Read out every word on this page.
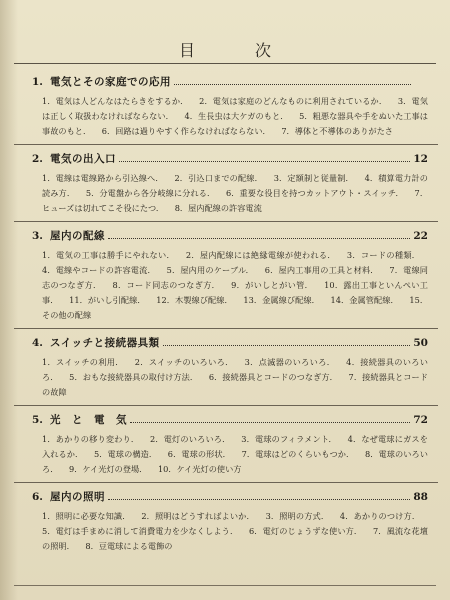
目　次
1. 電気とその家庭での応用
1．電気は人どんなはたらきをするか． 2．電気は家庭のどんなものに利用されているか． 3．電気は正しく取扱わなければならない． 4．生長虫は大ケガのもと． 5．粗悪な器具や手をぬいた工事は事故のもと． 6．回路は過りやすく作らなければならない． 7．導体と不導体のありがたさ
2. 電気の出入口	12
1．電線は電線路から引込線へ． 2．引込口までの配線． 3．定額制と従量制． 4．積算電力計の読み方． 5．分電盤から各分岐線に分れる． 6．重要な役目を持つカットアウト・スイッチ． 7．ヒューズは切れてこそ役にたつ． 8．屋内配線の許容電流
3. 屋内の配線	22
1．電気の工事は勝手にやれない． 2．屋内配線には絶縁電線が使われる． 3．コードの種類． 4．電線やコードの許容電流． 5．屋内用のケーブル． 6．屋内工事用の工具と材料． 7．電線同志のつなぎ方． 8．コード同志のつなぎ方． 9．がいしとがい管． 10．露出工事といんぺい工事． 11．がいし引配線． 12．木製線び配線． 13．金属線び配線． 14．金属管配線． 15．その他の配線
4. スイッチと接続器具類	50
1．スイッチの利用． 2．スイッチのいろいろ． 3．点滅器のいろいろ． 4．接続器具のいろいろ． 5．おもな接続器具の取付け方法． 6．接続器具とコードのつなぎ方． 7．接続器具とコードの故障
5. 光　と　電　気	72
1．あかりの移り変わり． 2．電灯のいろいろ． 3．電球のフィラメント． 4．なぜ電球にガスを入れるか． 5．電球の構造． 6．電球の形状． 7．電球はどのくらいもつか． 8．電球のいろいろ． 9．ケイ光灯の登場． 10．ケイ光灯の使い方
6. 屋内の照明	88
1．照明に必要な知識． 2．照明はどうすればよいか． 3．照明の方式． 4．あかりのつけ方． 5．電灯は手まめに消して消費電力を少なくしよう． 6．電灯のじょうずな使い方． 7．風流な花壇の照明． 8．豆電球による電飾の
